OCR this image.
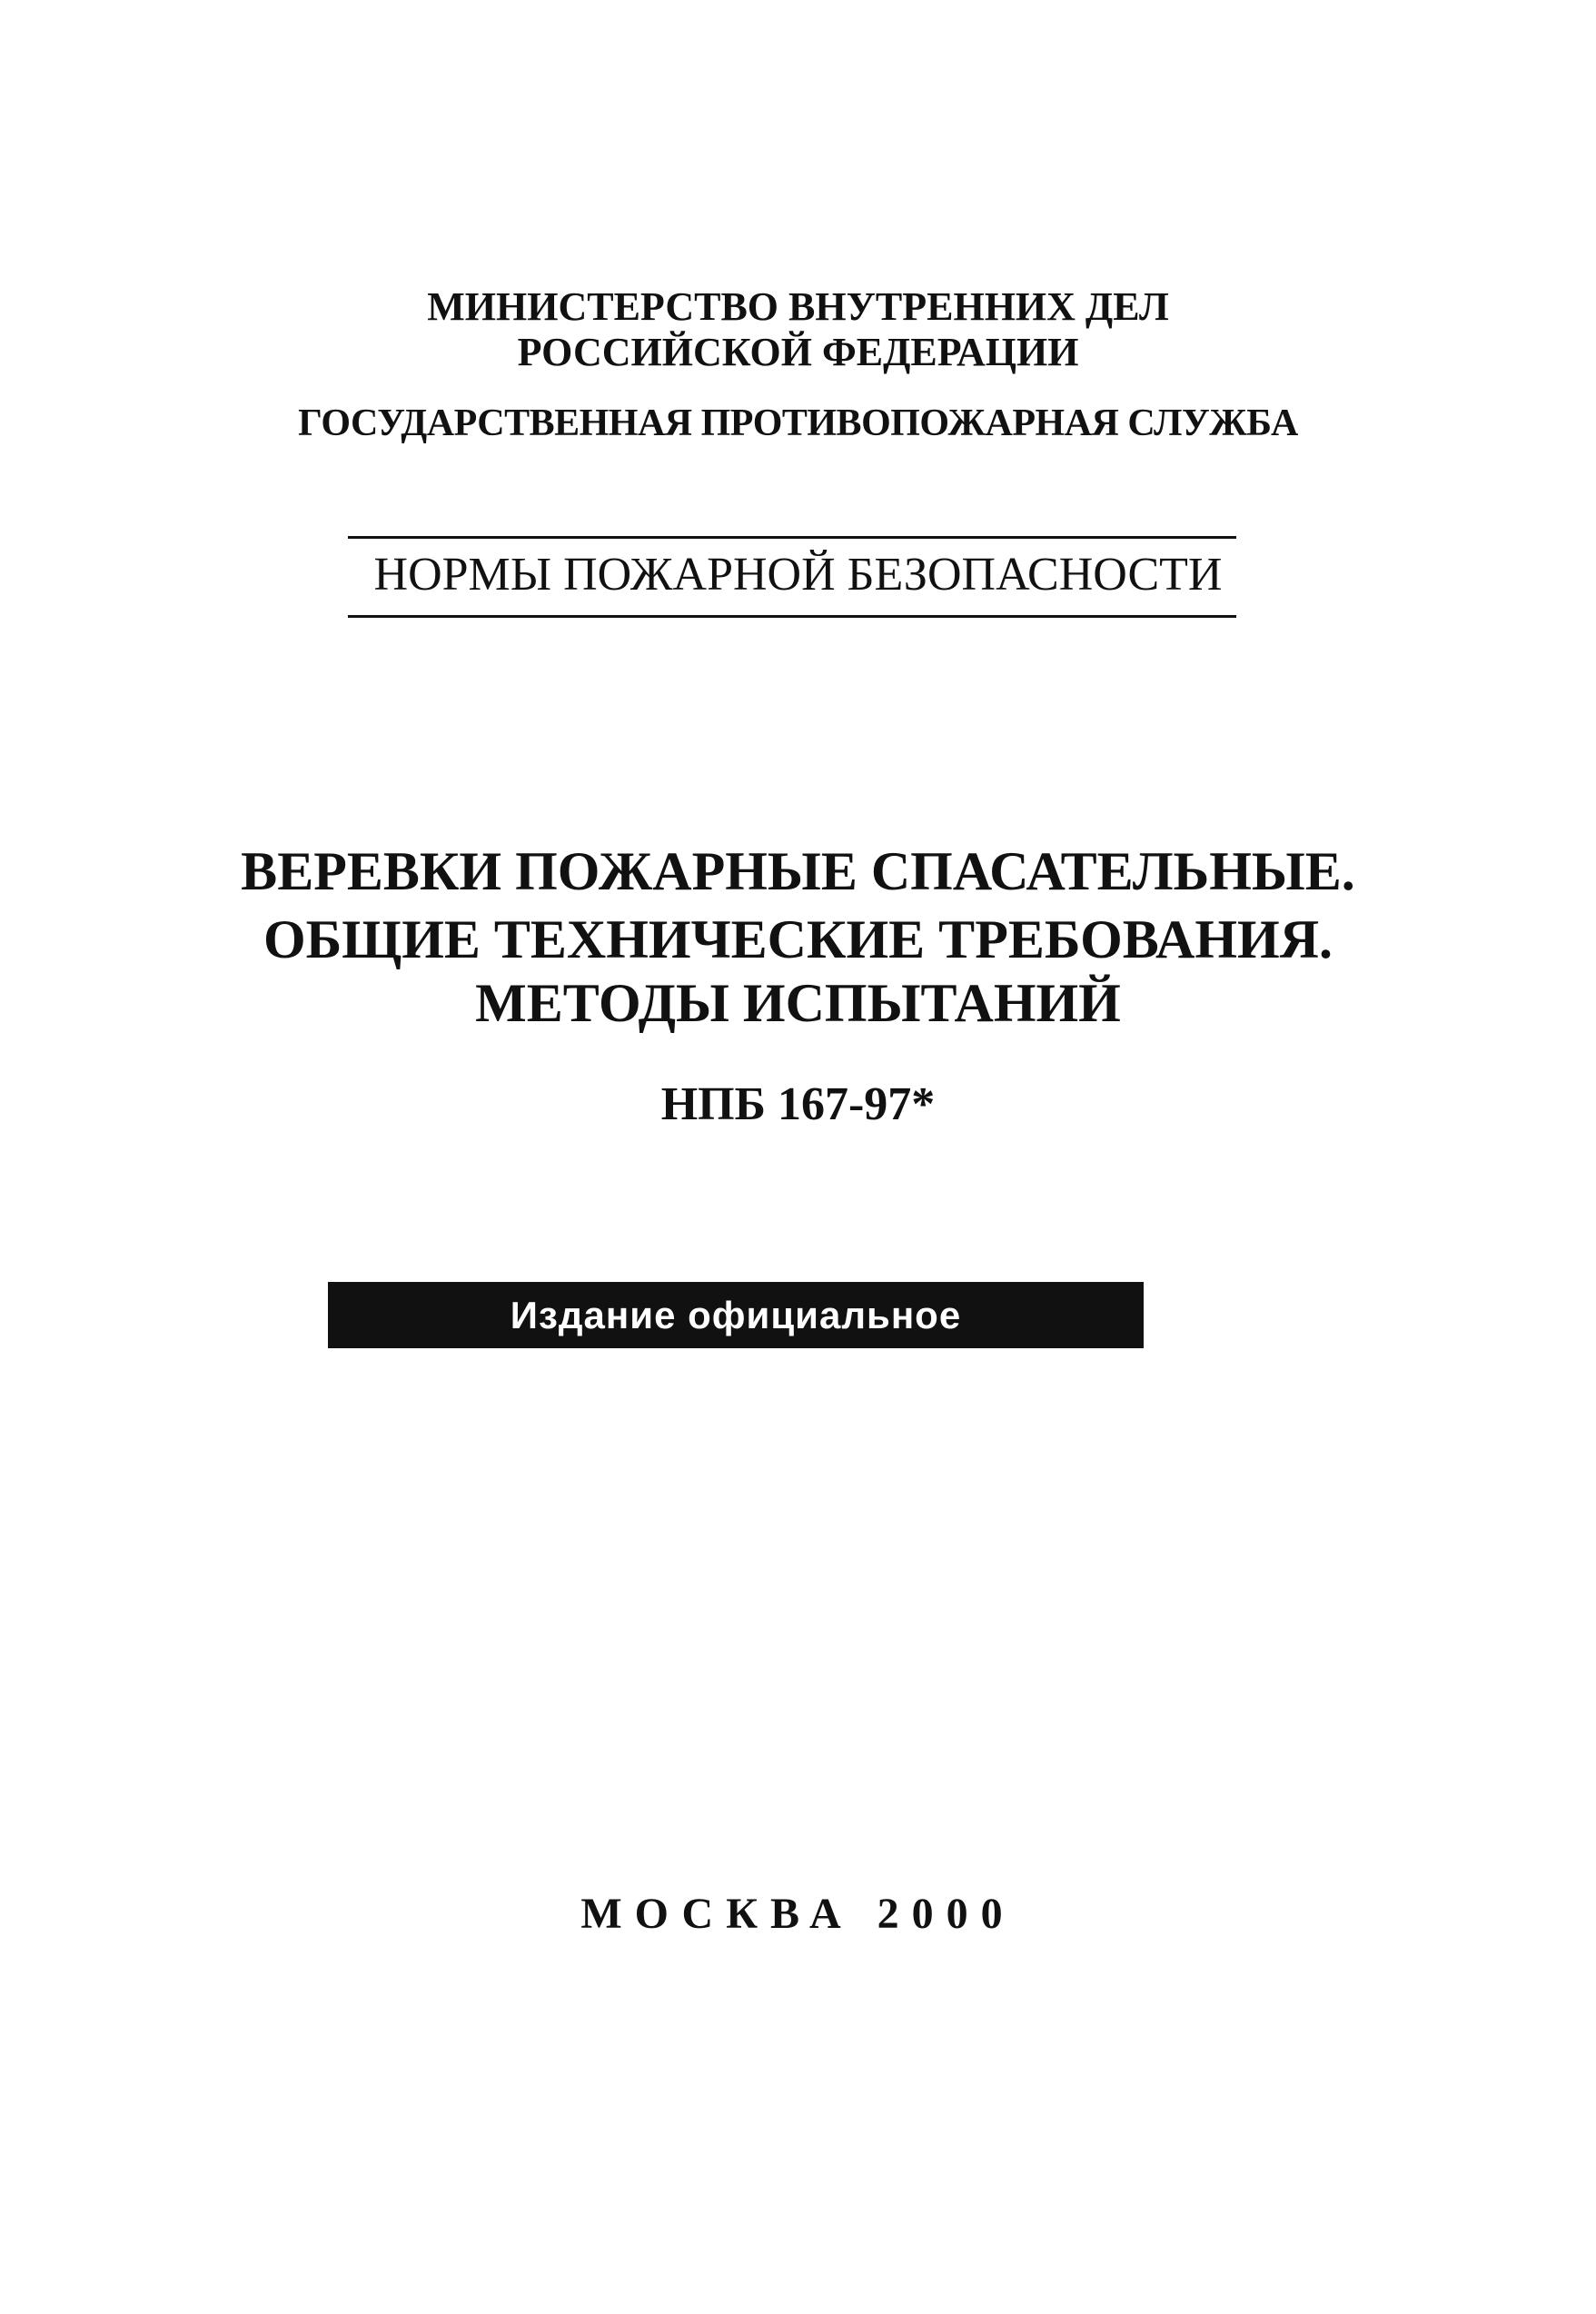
МИНИСТЕРСТВО ВНУТРЕННИХ ДЕЛ
РОССИЙСКОЙ ФЕДЕРАЦИИ
ГОСУДАРСТВЕННАЯ ПРОТИВОПОЖАРНАЯ СЛУЖБА
НОРМЫ ПОЖАРНОЙ БЕЗОПАСНОСТИ
ВЕРЕВКИ ПОЖАРНЫЕ СПАСАТЕЛЬНЫЕ.
ОБЩИЕ ТЕХНИЧЕСКИЕ ТРЕБОВАНИЯ.
МЕТОДЫ ИСПЫТАНИЙ
НПБ 167-97*
Издание официальное
МОСКВА 2000
